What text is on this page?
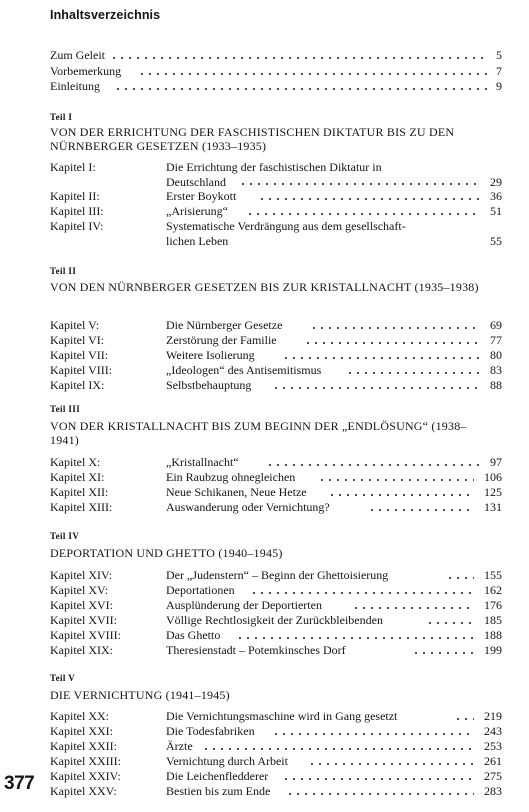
Inhaltsverzeichnis
Zum Geleit	5
Vorbemerkung	7
Einleitung	9
Teil I
VON DER ERRICHTUNG DER FASCHISTISCHEN DIKTATUR BIS ZU DEN NÜRNBERGER GESETZEN (1933–1935)
Kapitel I:	Die Errichtung der faschistischen Diktatur in
Deutschland	29
Kapitel II:	Erster Boykott	36
Kapitel III:	„Arisierung“	51
Kapitel IV:	Systematische Verdrängung aus dem gesellschaft-
lichen Leben	55
Teil II
VON DEN NÜRNBERGER GESETZEN BIS ZUR KRISTALLNACHT (1935–1938)
Kapitel V:	Die Nürnberger Gesetze	69
Kapitel VI:	Zerstörung der Familie	77
Kapitel VII:	Weitere Isolierung	80
Kapitel VIII:	„Ideologen“ des Antisemitismus	83
Kapitel IX:	Selbstbehauptung	88
Teil III
VON DER KRISTALLNACHT BIS ZUM BEGINN DER „ENDLÖSUNG“ (1938–1941)
Kapitel X:	„Kristallnacht“	97
Kapitel XI:	Ein Raubzug ohnegleichen	106
Kapitel XII:	Neue Schikanen, Neue Hetze	125
Kapitel XIII:	Auswanderung oder Vernichtung?	131
Teil IV
DEPORTATION UND GHETTO (1940–1945)
Kapitel XIV:	Der „Judenstern“ – Beginn der Ghettoisierung	155
Kapitel XV:	Deportationen	162
Kapitel XVI:	Ausplünderung der Deportierten	176
Kapitel XVII:	Völlige Rechtlosigkeit der Zurückbleibenden	185
Kapitel XVIII:	Das Ghetto	188
Kapitel XIX:	Theresienstadt – Potemkinsches Dorf	199
Teil V
DIE VERNICHTUNG (1941–1945)
Kapitel XX:	Die Vernichtungsmaschine wird in Gang gesetzt	219
Kapitel XXI:	Die Todesfabriken	243
Kapitel XXII:	Ärzte	253
Kapitel XXIII:	Vernichtung durch Arbeit	261
Kapitel XXIV:	Die Leichenfledderer	275
Kapitel XXV:	Bestien bis zum Ende	283
377
